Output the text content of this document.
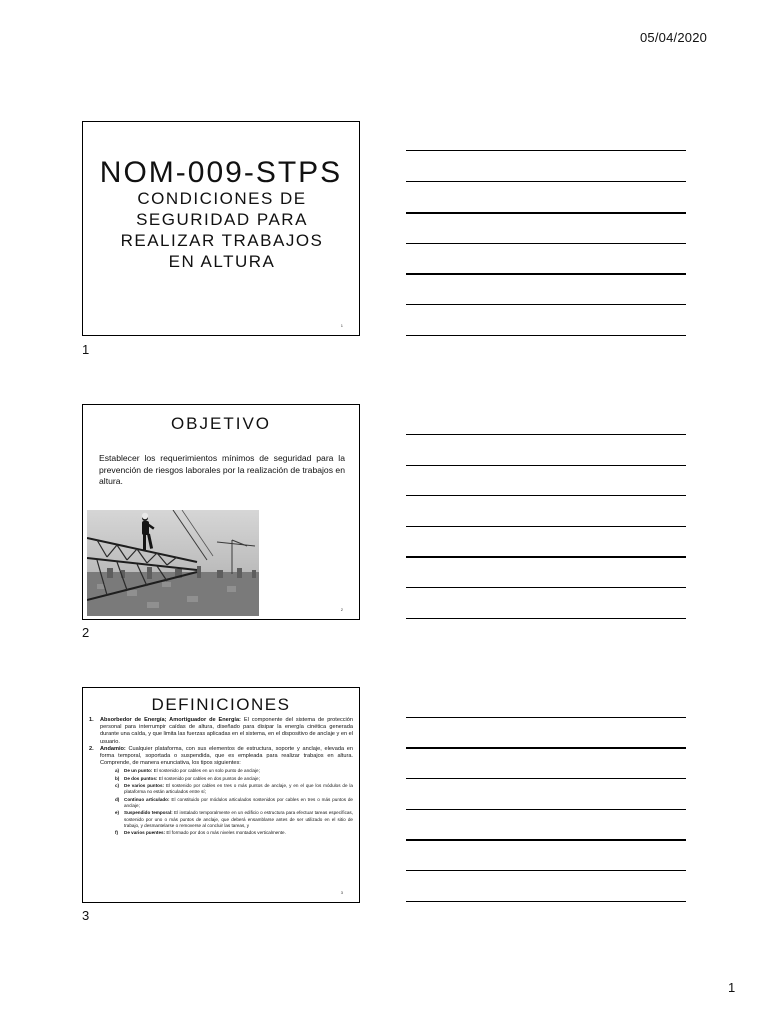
05/04/2020
NOM-009-STPS
CONDICIONES DE
SEGURIDAD PARA
REALIZAR TRABAJOS
EN ALTURA
1
1
OBJETIVO
Establecer los requerimientos mínimos de seguridad para la prevención de riesgos laborales por la realización de trabajos en altura.
2
2
DEFINICIONES
1.	Absorbedor de Energía; Amortiguador de Energía: El componente del sistema de protección personal para interrumpir caídas de altura, diseñado para disipar la energía cinética generada durante una caída, y que limita las fuerzas aplicadas en el sistema, en el dispositivo de anclaje y en el usuario.
2.	Andamio: Cualquier plataforma, con sus elementos de estructura, soporte y anclaje, elevada en forma temporal, soportada o suspendida, que es empleada para realizar trabajos en altura. Comprende, de manera enunciativa, los tipos siguientes:
a)	De un punto: El sostenido por cables en un solo punto de anclaje;
b)	De dos puntos: El sostenido por cables en dos puntos de anclaje;
c)	De varios puntos: El sostenido por cables en tres o más puntos de anclaje, y en el que los módulos de la plataforma no están articulados entre sí;
d)	Continuo articulado: El constituido por módulos articulados sostenidos por cables en tres o más puntos de anclaje;
e)	Suspendido temporal: El instalado temporalmente en un edificio o estructura para efectuar tareas específicas, sostenido por uno o más puntos de anclaje, que deberá ensamblarse antes de ser utilizado en el sitio de trabajo, y desmantelarse o removerse al concluir las tareas, y
f)	De varios puentes: El formado por dos o más niveles montados verticalmente.
3
3
1
